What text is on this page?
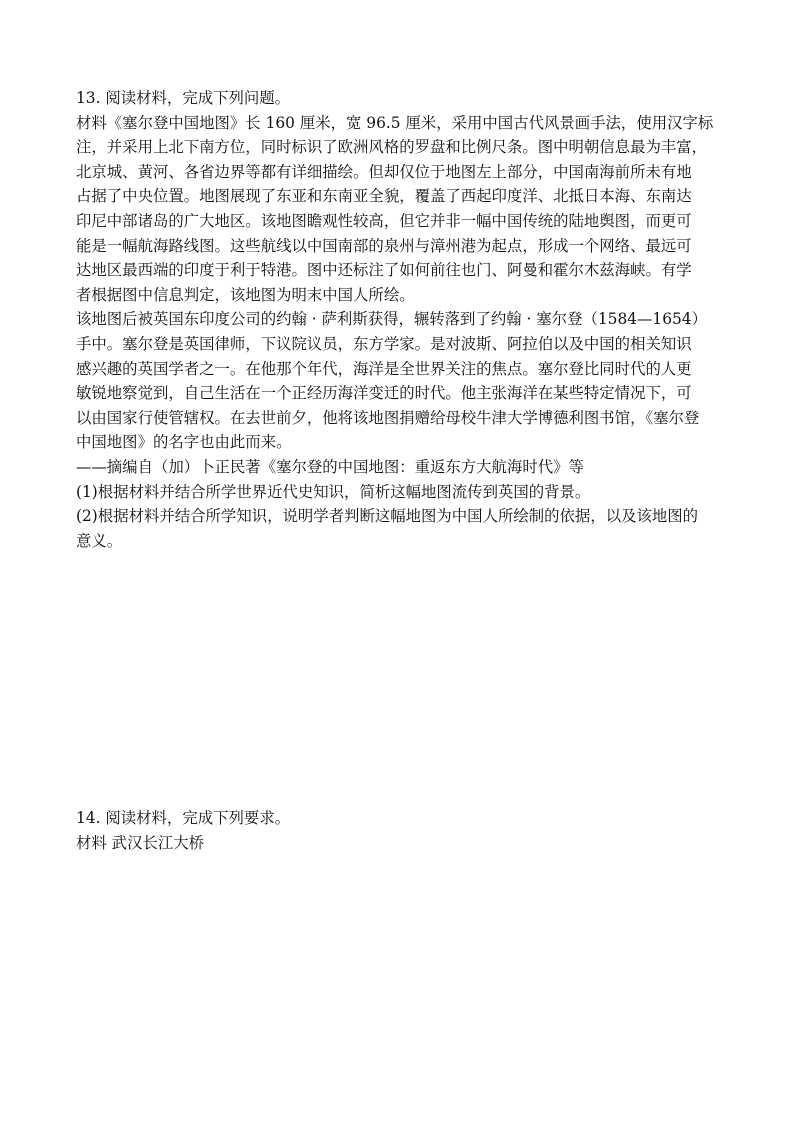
13. 阅读材料，完成下列问题。
材料《塞尔登中国地图》长 160 厘米，宽 96.5 厘米，采用中国古代风景画手法，使用汉字标
注，并采用上北下南方位，同时标识了欧洲风格的罗盘和比例尺条。图中明朝信息最为丰富，
北京城、黄河、各省边界等都有详细描绘。但却仅位于地图左上部分，中国南海前所未有地
占据了中央位置。地图展现了东亚和东南亚全貌，覆盖了西起印度洋、北抵日本海、东南达
印尼中部诸岛的广大地区。该地图瞻观性较高，但它并非一幅中国传统的陆地舆图，而更可
能是一幅航海路线图。这些航线以中国南部的泉州与漳州港为起点，形成一个网络、最远可
达地区最西端的印度于利于特港。图中还标注了如何前往也门、阿曼和霍尔木兹海峡。有学
者根据图中信息判定，该地图为明末中国人所绘。
该地图后被英国东印度公司的约翰 · 萨利斯获得，辗转落到了约翰 · 塞尔登（1584—1654）
手中。塞尔登是英国律师，下议院议员，东方学家。是对波斯、阿拉伯以及中国的相关知识
感兴趣的英国学者之一。在他那个年代，海洋是全世界关注的焦点。塞尔登比同时代的人更
敏锐地察觉到，自己生活在一个正经历海洋变迁的时代。他主张海洋在某些特定情况下，可
以由国家行使管辖权。在去世前夕，他将该地图捐赠给母校牛津大学博德利图书馆，《塞尔登
中国地图》的名字也由此而来。
——摘编自（加）卜正民著《塞尔登的中国地图：重返东方大航海时代》等
(1)根据材料并结合所学世界近代史知识，简析这幅地图流传到英国的背景。
(2)根据材料并结合所学知识，说明学者判断这幅地图为中国人所绘制的依据，以及该地图的
意义。
14. 阅读材料，完成下列要求。
材料 武汉长江大桥
